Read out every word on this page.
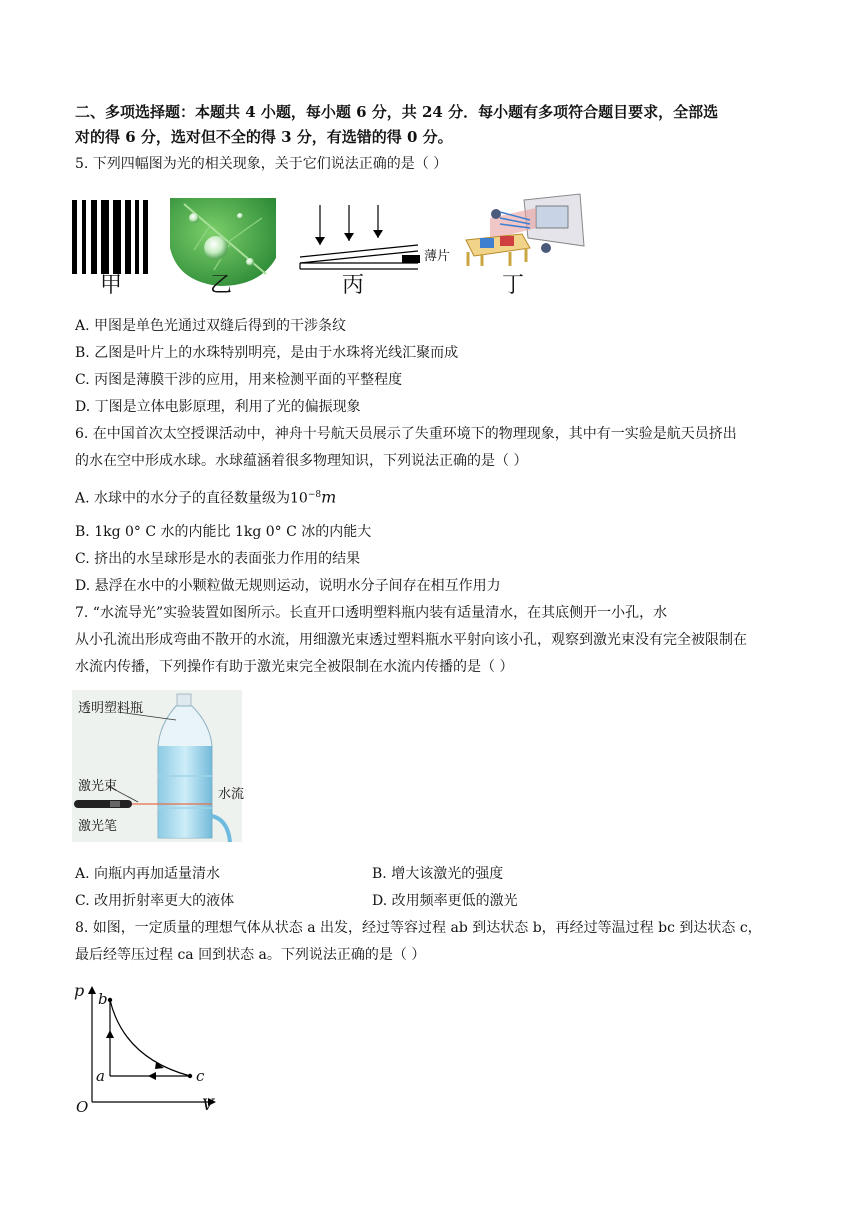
二、多项选择题：本题共 4 小题，每小题 6 分，共 24 分．每小题有多项符合题目要求，全部选
对的得 6 分，选对但不全的得 3 分，有选错的得 0 分。
5. 下列四幅图为光的相关现象，关于它们说法正确的是（ ）
甲	乙
薄片
丙	丁
A. 甲图是单色光通过双缝后得到的干涉条纹
B. 乙图是叶片上的水珠特别明亮，是由于水珠将光线汇聚而成
C. 丙图是薄膜干涉的应用，用来检测平面的平整程度
D. 丁图是立体电影原理，利用了光的偏振现象
6. 在中国首次太空授课活动中，神舟十号航天员展示了失重环境下的物理现象，其中有一实验是航天员挤出
的水在空中形成水球。水球蕴涵着很多物理知识，下列说法正确的是（ ）
A. 水球中的水分子的直径数量级为$10^{-8}m$
B. 1kg 0° C 水的内能比 1kg 0° C 冰的内能大
C. 挤出的水呈球形是水的表面张力作用的结果
D. 悬浮在水中的小颗粒做无规则运动，说明水分子间存在相互作用力
7. “水流导光”实验装置如图所示。长直开口透明塑料瓶内装有适量清水，在其底侧开一小孔，水
从小孔流出形成弯曲不散开的水流，用细激光束透过塑料瓶水平射向该小孔，观察到激光束没有完全被限制在
水流内传播，下列操作有助于激光束完全被限制在水流内传播的是（ ）
透明塑料瓶
激光束
激光笔
水流
A. 向瓶内再加适量清水	B. 增大该激光的强度
C. 改用折射率更大的液体	D. 改用频率更低的激光
8. 如图，一定质量的理想气体从状态 a 出发，经过等容过程 ab 到达状态 b，再经过等温过程 bc 到达状态 c，
最后经等压过程 ca 回到状态 a。下列说法正确的是（ ）
p
V
O
b
a	c
